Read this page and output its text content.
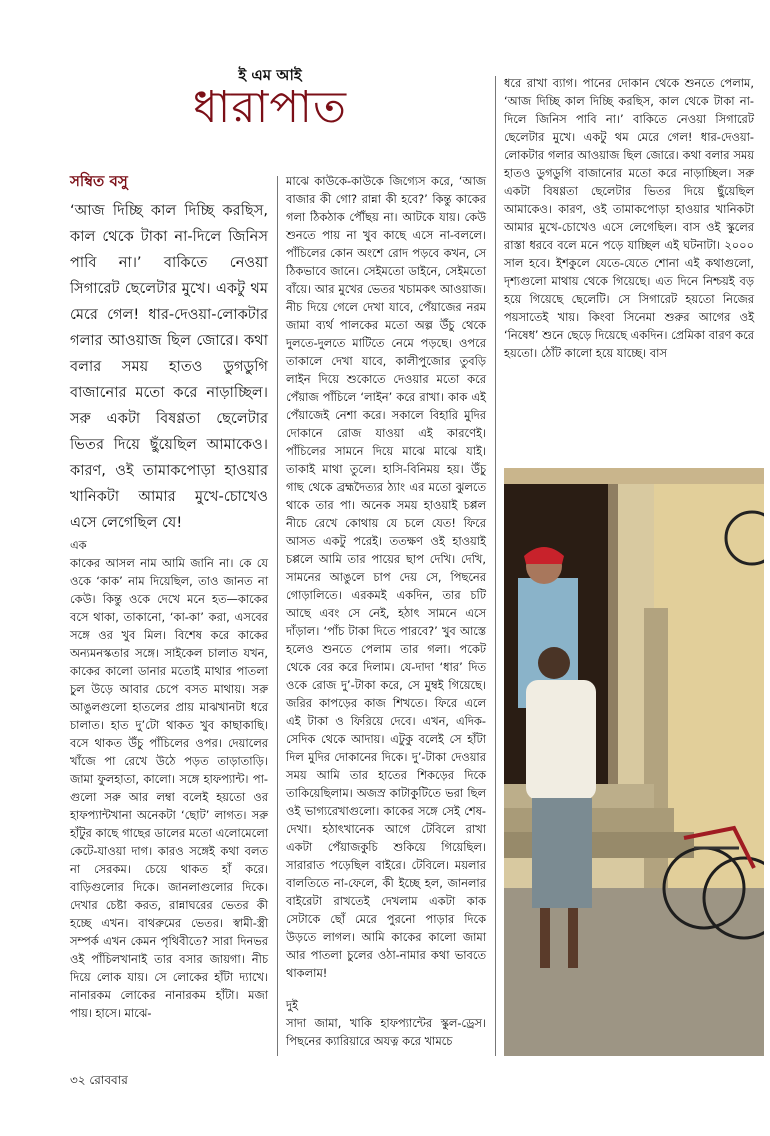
ই এম আই
ধারাপাত
সম্বিত বসু

‘আজ দিচ্ছি কাল দিচ্ছি করছিস, কাল থেকে টাকা না-দিলে জিনিস পাবি না।’ বাকিতে নেওয়া সিগারেট ছেলেটার মুখে। একটু থম মেরে গেল! ধার-দেওয়া-লোকটার গলার আওয়াজ ছিল জোরে। কথা বলার সময় হাতও ডুগডুগি বাজানোর মতো করে নাড়াচ্ছিল। সরু একটা বিষণ্ণতা ছেলেটার ভিতর দিয়ে ছুঁয়েছিল আমাকেও। কারণ, ওই তামাকপোড়া হাওয়ার খানিকটা আমার মুখে-চোখেও এসে লেগেছিল যে!

এক

কাকের আসল নাম আমি জানি না। কে যে ওকে ‘কাক’ নাম দিয়েছিল, তাও জানত না কেউ। কিন্তু ওকে দেখে মনে হত—কাকের বসে থাকা, তাকানো, ‘কা-কা’ করা, এসবের সঙ্গে ওর খুব মিল। বিশেষ করে কাকের অন্যমনস্কতার সঙ্গে। সাইকেল চালাত যখন, কাকের কালো ডানার মতোই মাথার পাতলা চুল উড়ে আবার চেপে বসত মাথায়। সরু আঙুলগুলো হাতলের প্রায় মাঝখানটা ধরে চালাত। হাত দু’টো থাকত খুব কাছাকাছি। বসে থাকত উঁচু পাঁচিলের ওপর। দেয়ালের খাঁজে পা রেখে উঠে পড়ত তাড়াতাড়ি। জামা ফুলহাতা, কালো। সঙ্গে হাফপ্যান্ট। পা-গুলো সরু আর লম্বা বলেই হয়তো ওর হাফপ্যান্টখানা অনেকটা ‘ছোট’ লাগত। সরু হাঁটুর কাছে গাছের ডালের মতো এলোমেলো কেটে-যাওয়া দাগ। কারও সঙ্গেই কথা বলত না সেরকম। চেয়ে থাকত হাঁ করে। বাড়িগুলোর দিকে। জানলাগুলোর দিকে। দেখার চেষ্টা করত, রান্নাঘরের ভেতর কী হচ্ছে এখন। বাথরুমের ভেতর। স্বামী-স্ত্রী সম্পর্ক এখন কেমন পৃথিবীতে? সারা দিনভর ওই পাঁচিলখানাই তার বসার জায়গা। নীচ দিয়ে লোক যায়। সে লোকের হাঁটা দ্যাখে। নানারকম লোকের নানারকম হাঁটা। মজা পায়। হাসে। মাঝে-

মাঝে কাউকে-কাউকে জিগ্যেস করে, ‘আজ বাজার কী গো? রান্না কী হবে?’ কিন্তু কাকের গলা ঠিকঠাক পৌঁছয় না। আটকে যায়। কেউ শুনতে পায় না খুব কাছে এসে না-বললে। পাঁচিলের কোন অংশে রোদ পড়বে কখন, সে ঠিকভাবে জানে। সেইমতো ডাইনে, সেইমতো বাঁয়ে। আর মুখের ভেতর খচামকৎ আওয়াজ। নীচ দিয়ে গেলে দেখা যাবে, পেঁয়াজের নরম জামা ব্যর্থ পালকের মতো অল্প উঁচু থেকে দুলতে-দুলতে মাটিতে নেমে পড়ছে। ওপরে তাকালে দেখা যাবে, কালীপুজোর তুবড়ি লাইন দিয়ে শুকোতে দেওয়ার মতো করে পেঁয়াজ পাঁচিলে ‘লাইন’ করে রাখা। কাক এই পেঁয়াজেই নেশা করে। সকালে বিহারি মুদির দোকানে রোজ যাওয়া এই কারণেই। পাঁচিলের সামনে দিয়ে মাঝে মাঝে যাই। তাকাই মাথা তুলে। হাসি-বিনিময় হয়। উঁচু গাছ থেকে ব্রহ্মদৈত্যর ঠ্যাং এর মতো ঝুলতে থাকে তার পা। অনেক সময় হাওয়াই চপ্পল নীচে রেখে কোথায় যে চলে যেত! ফিরে আসত একটু পরেই। ততক্ষণ ওই হাওয়াই চপ্পলে আমি তার পায়ের ছাপ দেখি। দেখি, সামনের আঙুলে চাপ দেয় সে, পিছনের গোড়ালিতে। এরকমই একদিন, তার চটি আছে এবং সে নেই, হঠাৎ সামনে এসে দাঁড়াল। ‘পাঁচ টাকা দিতে পারবে?’ খুব আস্তে হলেও শুনতে পেলাম তার গলা। পকেট থেকে বের করে দিলাম। যে-দাদা ‘ধার’ দিত ওকে রোজ দু’-টাকা করে, সে মুম্বই গিয়েছে। জরির কাপড়ের কাজ শিখতে। ফিরে এলে এই টাকা ও ফিরিয়ে দেবে। এখন, এদিক-সেদিক থেকে আদায়। এটুকু বলেই সে হাঁটা দিল মুদির দোকানের দিকে। দু’-টাকা দেওয়ার সময় আমি তার হাতের শিকড়ের দিকে তাকিয়েছিলাম। অজস্র কাটাকুটিতে ভরা ছিল ওই ভাগ্যরেখাগুলো। কাকের সঙ্গে সেই শেষ-দেখা। হঠাৎখানেক আগে টেবিলে রাখা একটা পেঁয়াজকুচি শুকিয়ে গিয়েছিল। সারারাত পড়েছিল বাইরে। টেবিলে। ময়লার বালতিতে না-ফেলে, কী ইচ্ছে হল, জানলার বাইরেটা রাখতেই দেখলাম একটা কাক সেটাকে ছোঁ মেরে পুরনো পাড়ার দিকে উড়তে লাগল। আমি কাকের কালো জামা আর পাতলা চুলের ওঠা-নামার কথা ভাবতে থাকলাম!

দুই

সাদা জামা, খাকি হাফপ্যান্টের স্কুল-ড্রেস। পিছনের ক্যারিয়ারে অযত্ন করে খামচে

ধরে রাখা ব্যাগ। পানের দোকান থেকে শুনতে পেলাম, ‘আজ দিচ্ছি কাল দিচ্ছি করছিস, কাল থেকে টাকা না-দিলে জিনিস পাবি না।’ বাকিতে নেওয়া সিগারেট ছেলেটার মুখে। একটু থম মেরে গেল! ধার-দেওয়া-লোকটার গলার আওয়াজ ছিল জোরে। কথা বলার সময় হাতও ডুগডুগি বাজানোর মতো করে নাড়াচ্ছিল। সরু একটা বিষণ্ণতা ছেলেটার ভিতর দিয়ে ছুঁয়েছিল আমাকেও। কারণ, ওই তামাকপোড়া হাওয়ার খানিকটা আমার মুখে-চোখেও এসে লেগেছিল। বাস ওই স্কুলের রাস্তা ধরবে বলে মনে পড়ে যাচ্ছিল এই ঘটনাটা। ২০০০ সাল হবে। ইশকুলে যেতে-যেতে শোনা এই কথাগুলো, দৃশ্যগুলো মাথায় থেকে গিয়েছে। এত দিনে নিশ্চয়ই বড় হয়ে গিয়েছে ছেলেটি। সে সিগারেট হয়তো নিজের পয়সাতেই খায়। কিংবা সিনেমা শুরুর আগের ওই ‘নিষেধ’ শুনে ছেড়ে দিয়েছে একদিন। প্রেমিকা বারণ করে হয়তো। ঠোঁট কালো হয়ে যাচ্ছে। বাস

৩২ রোববার
